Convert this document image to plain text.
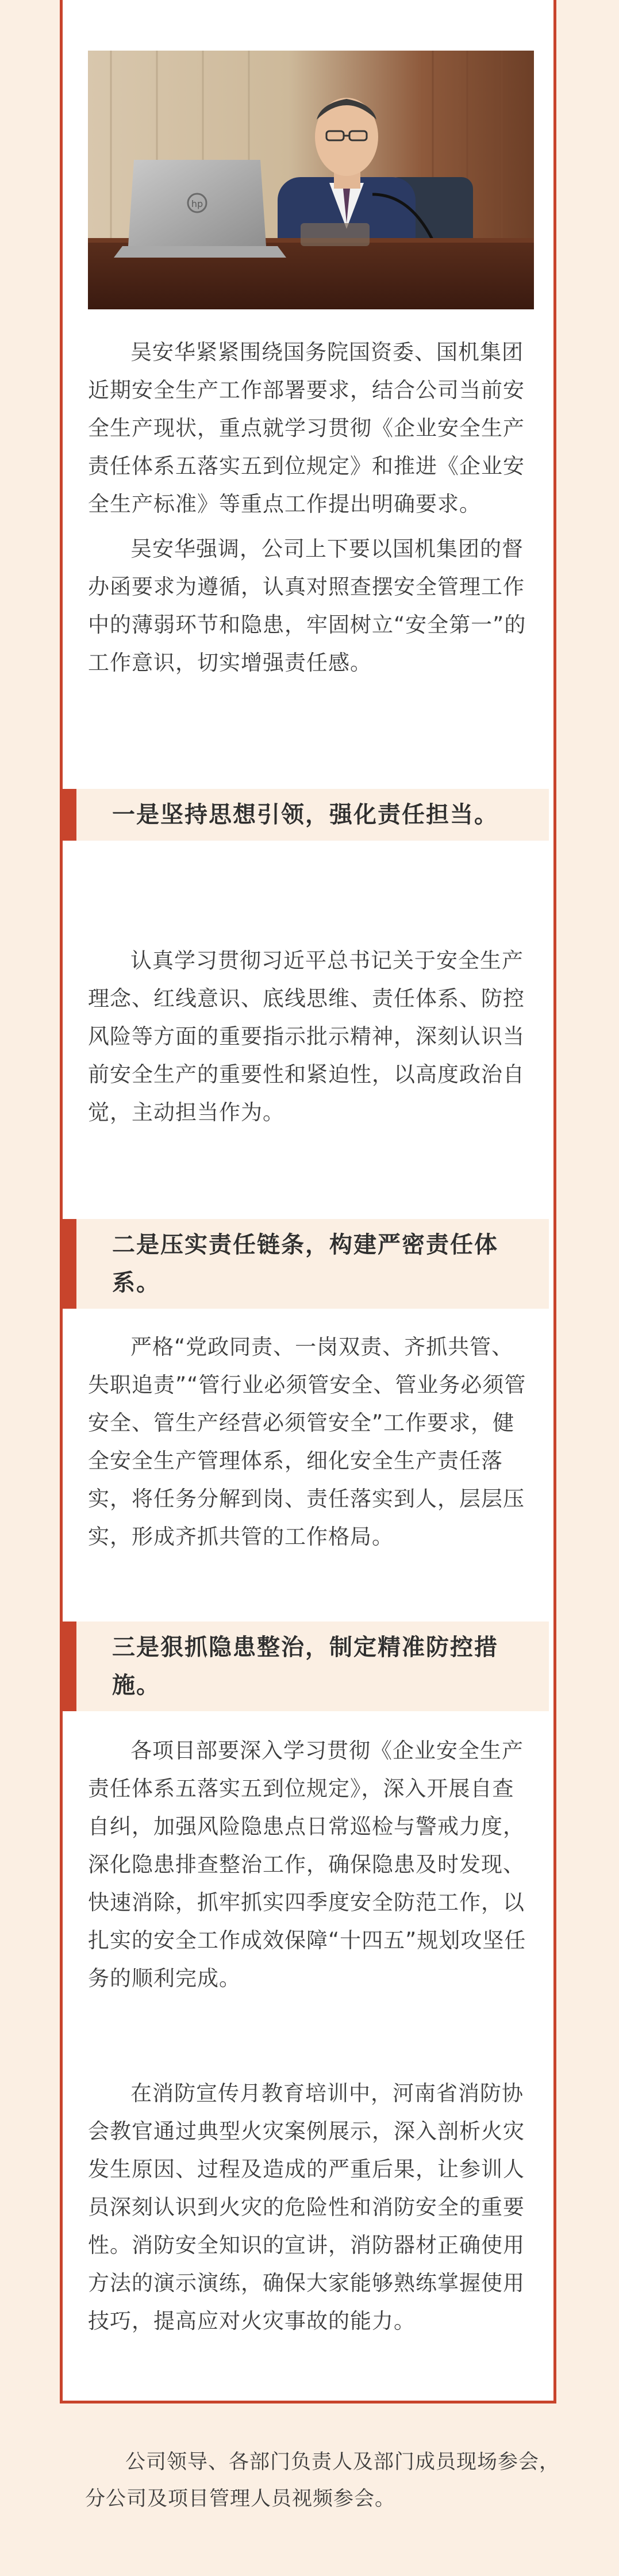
hp

吴安华紧紧围绕国务院国资委、国机集团近期安全生产工作部署要求，结合公司当前安全生产现状，重点就学习贯彻《企业安全生产责任体系五落实五到位规定》和推进《企业安全生产标准》等重点工作提出明确要求。

吴安华强调，公司上下要以国机集团的督办函要求为遵循，认真对照查摆安全管理工作中的薄弱环节和隐患，牢固树立“安全第一”的工作意识，切实增强责任感。

一是坚持思想引领，强化责任担当。

认真学习贯彻习近平总书记关于安全生产理念、红线意识、底线思维、责任体系、防控风险等方面的重要指示批示精神，深刻认识当前安全生产的重要性和紧迫性，以高度政治自觉，主动担当作为。

二是压实责任链条，构建严密责任体系。

严格“党政同责、一岗双责、齐抓共管、失职追责”“管行业必须管安全、管业务必须管安全、管生产经营必须管安全”工作要求，健全安全生产管理体系，细化安全生产责任落实，将任务分解到岗、责任落实到人，层层压实，形成齐抓共管的工作格局。

三是狠抓隐患整治，制定精准防控措施。

各项目部要深入学习贯彻《企业安全生产责任体系五落实五到位规定》，深入开展自查自纠，加强风险隐患点日常巡检与警戒力度，深化隐患排查整治工作，确保隐患及时发现、快速消除，抓牢抓实四季度安全防范工作，以扎实的安全工作成效保障“十四五”规划攻坚任务的顺利完成。

在消防宣传月教育培训中，河南省消防协会教官通过典型火灾案例展示，深入剖析火灾发生原因、过程及造成的严重后果，让参训人员深刻认识到火灾的危险性和消防安全的重要性。消防安全知识的宣讲，消防器材正确使用方法的演示演练，确保大家能够熟练掌握使用技巧，提高应对火灾事故的能力。

公司领导、各部门负责人及部门成员现场参会，分公司及项目管理人员视频参会。
